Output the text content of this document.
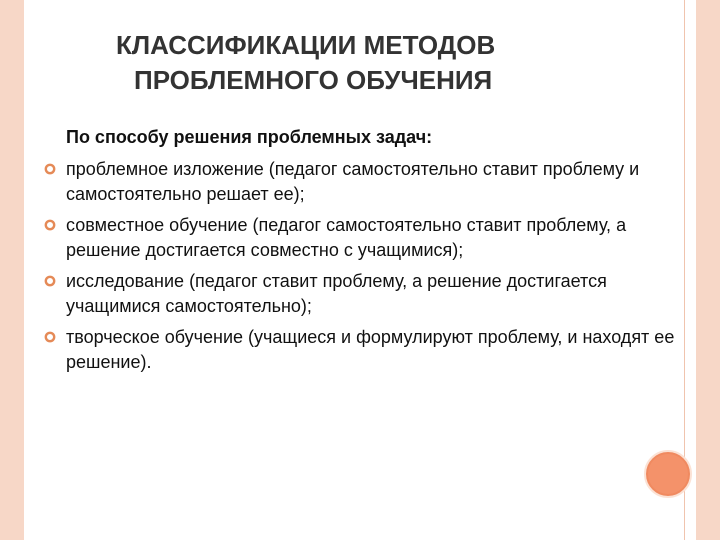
КЛАССИФИКАЦИИ МЕТОДОВ
ПРОБЛЕМНОГО ОБУЧЕНИЯ
По способу решения проблемных задач:
проблемное изложение (педагог самостоятельно ставит проблему и самостоятельно решает ее);
совместное обучение (педагог самостоятельно ставит проблему, а решение достигается совместно с учащимися);
исследование (педагог ставит проблему, а решение достигается учащимися самостоятельно);
творческое обучение (учащиеся и формулируют проблему, и находят ее решение).
